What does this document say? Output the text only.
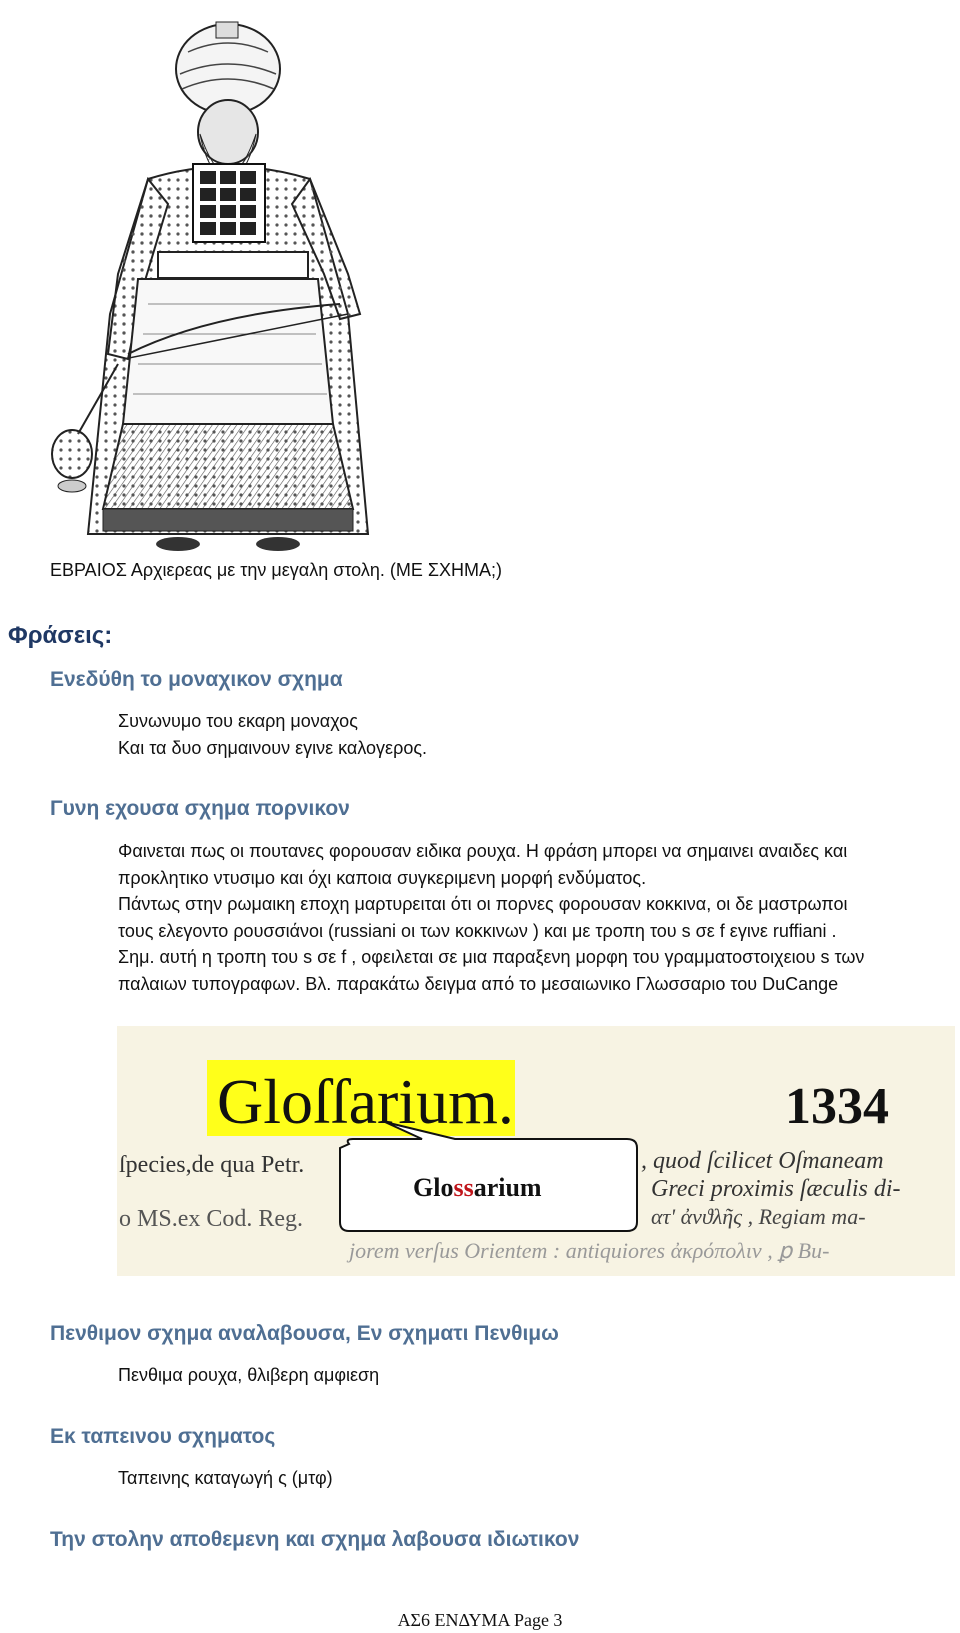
ΕΒΡΑΙΟΣ Αρχιερεας με την μεγαλη στολη. (ΜΕ ΣΧΗΜΑ;)
Φράσεις:
Ενεδύθη το μοναχικον σχημα

Συνωνυμο του εκαρη μοναχος

Και τα δυο σημαινουν εγινε καλογερος.

Γυνη εχουσα σχημα πορνικον

Φαινεται πως οι πουτανες φορουσαν ειδικα ρουχα. Η φράση μπορει να σημαινει αναιδες και

προκλητικο ντυσιμο και όχι καποια συγκεριμενη μορφή ενδύματος.

Πάντως στην ρωμαικη εποχη μαρτυρειται ότι οι πορνες φορουσαν κοκκινα, οι δε μαστρωποι

τους ελεγοντο ρουσσιάνοι (russiani οι των κοκκινων ) και με τροπη του s σε f εγινε ruffiani .

Σημ. αυτή η τροπη του s σε f , οφειλεται σε μια παραξενη μορφη του γραμματοστοιχειου s των

παλαιων τυπογραφων. Βλ. παρακάτω δειγμα από το μεσαιωνικο Γλωσσαριο του DuCange

Gloſſarium.	1334
ſpecies,de qua Petr.
o MS.ex Cod. Reg.
, quod ſcilicet Oſmaneam
Greci proximis ſæculis di-
ατ' ἀνϑλῆς , Regiam ma-
jorem verſus Orientem : antiquiores ἀκρόπολιν , ꝑ Bu-
Glossarium
Πενθιμον σχημα αναλαβουσα, Εν σχηματι Πενθιμω

Πενθιμα ρουχα, θλιβερη αμφιεση

Εκ ταπεινου σχηματος

Ταπεινης καταγωγή ς (μτφ)

Την στολην αποθεμενη και σχημα λαβουσα ιδιωτικον
ΑΣ6 ΕΝΔΥΜΑ Page 3
